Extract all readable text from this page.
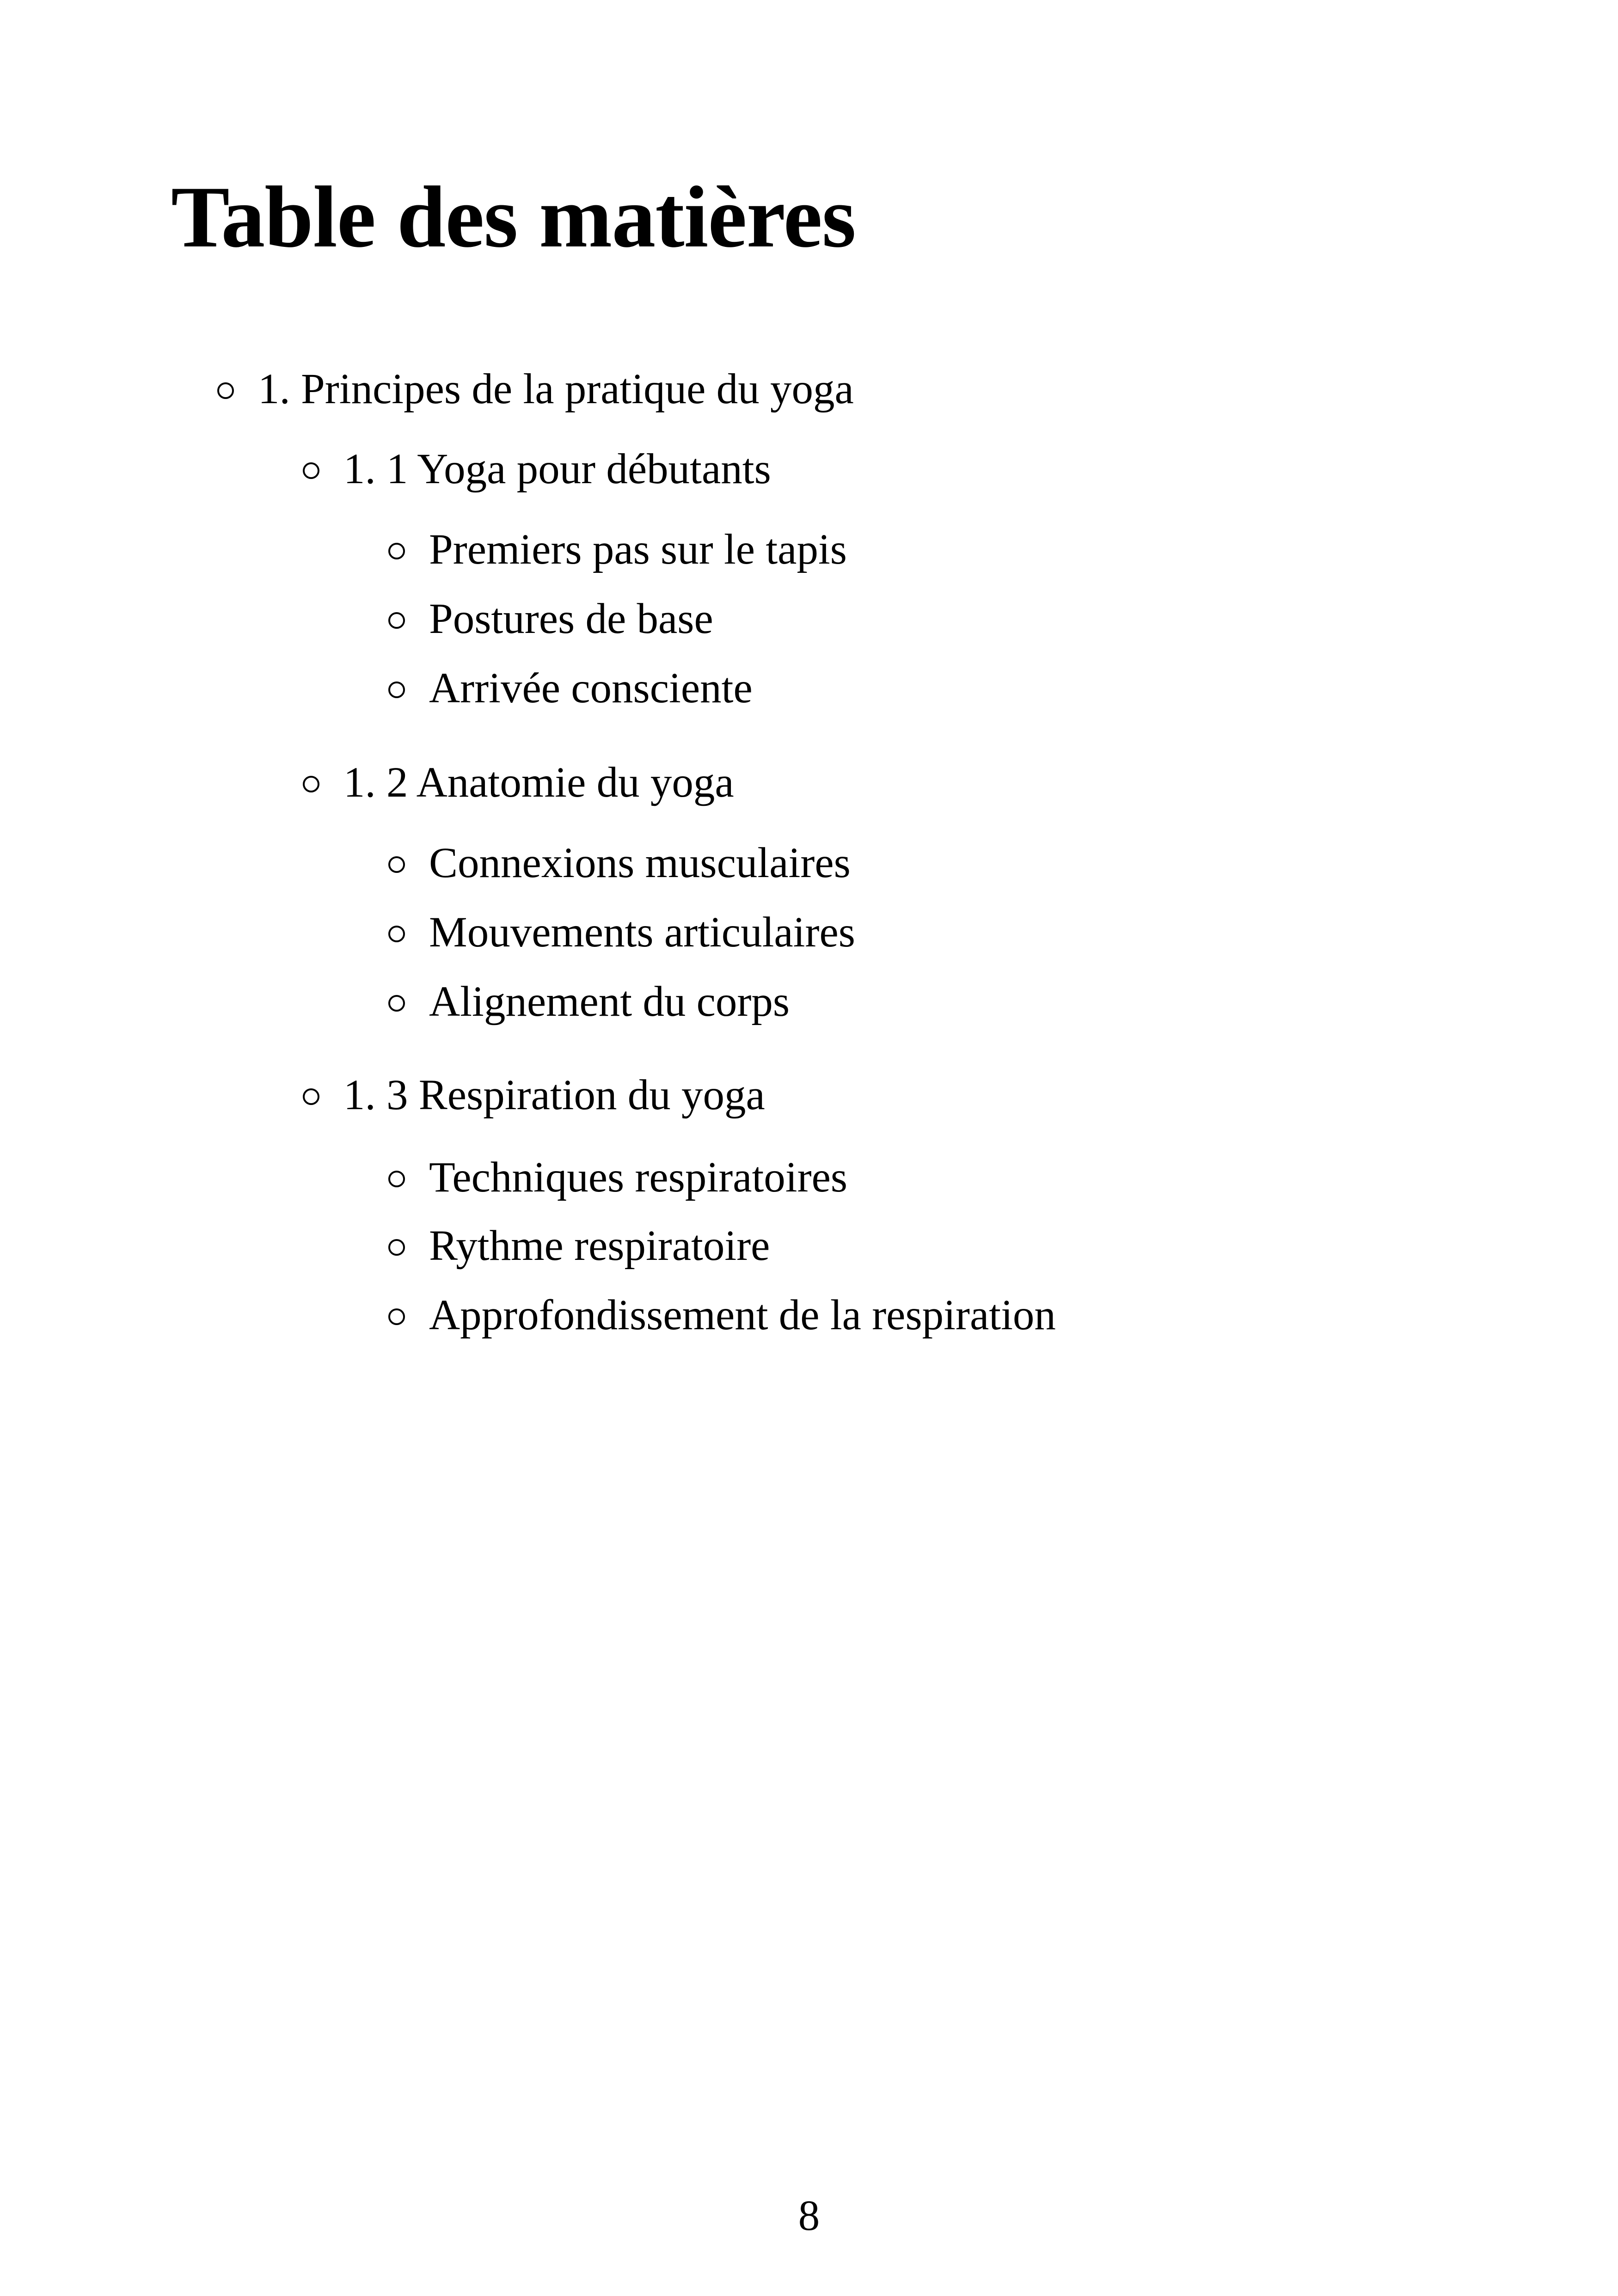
Table des matières
1. Principes de la pratique du yoga
1. 1 Yoga pour débutants
Premiers pas sur le tapis
Postures de base
Arrivée consciente
1. 2 Anatomie du yoga
Connexions musculaires
Mouvements articulaires
Alignement du corps
1. 3 Respiration du yoga
Techniques respiratoires
Rythme respiratoire
Approfondissement de la respiration
8
